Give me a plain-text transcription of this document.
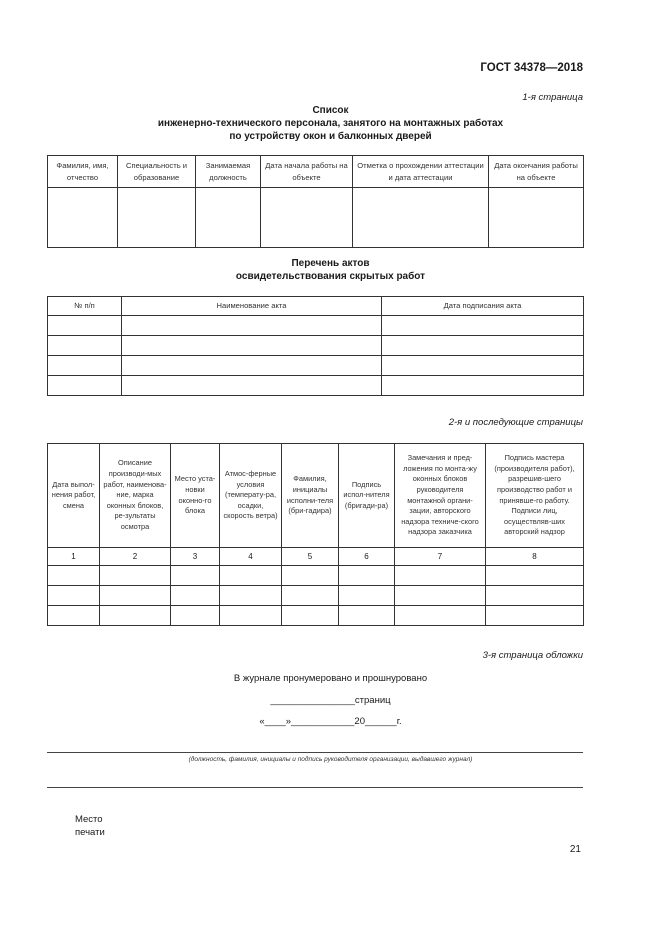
ГОСТ 34378—2018
1-я страница
Список
инженерно-технического персонала, занятого на монтажных работах
по устройству окон и балконных дверей
Фамилия, имя, отчество	Специальность и образование	Занимаемая должность	Дата начала работы на объекте	Отметка о прохождении аттестации и дата аттестации	Дата окончания работы на объекте

Перечень актов
освидетельствования скрытых работ
№ п/п	Наименование акта	Дата подписания акта

2-я и последующие страницы
Дата выпол-нения работ, смена	Описание производи-мых работ, наименова-ние, марка оконных блоков, ре-зультаты осмотра	Место уста-новки оконно-го блока	Атмос-ферные условия (температу-ра, осадки, скорость ветра)	Фамилия, инициалы исполни-теля (бри-гадира)	Подпись испол-нителя (бригади-ра)	Замечания и пред-ложения по монта-жу оконных блоков руководителя монтажной органи-зации, авторского надзора техниче-ского надзора заказчика	Подпись мастера (производителя работ), разрешив-шего производство работ и принявше-го работу. Подписи лиц, осуществляв-ших авторский надзор
1	2	3	4	5	6	7	8

3-я страница обложки
В журнале пронумеровано и прошнуровано
________________страниц
«____»____________20______г.
(должность, фамилия, инициалы и подпись руководителя организации, выдавшего журнал)
Место
печати
21
